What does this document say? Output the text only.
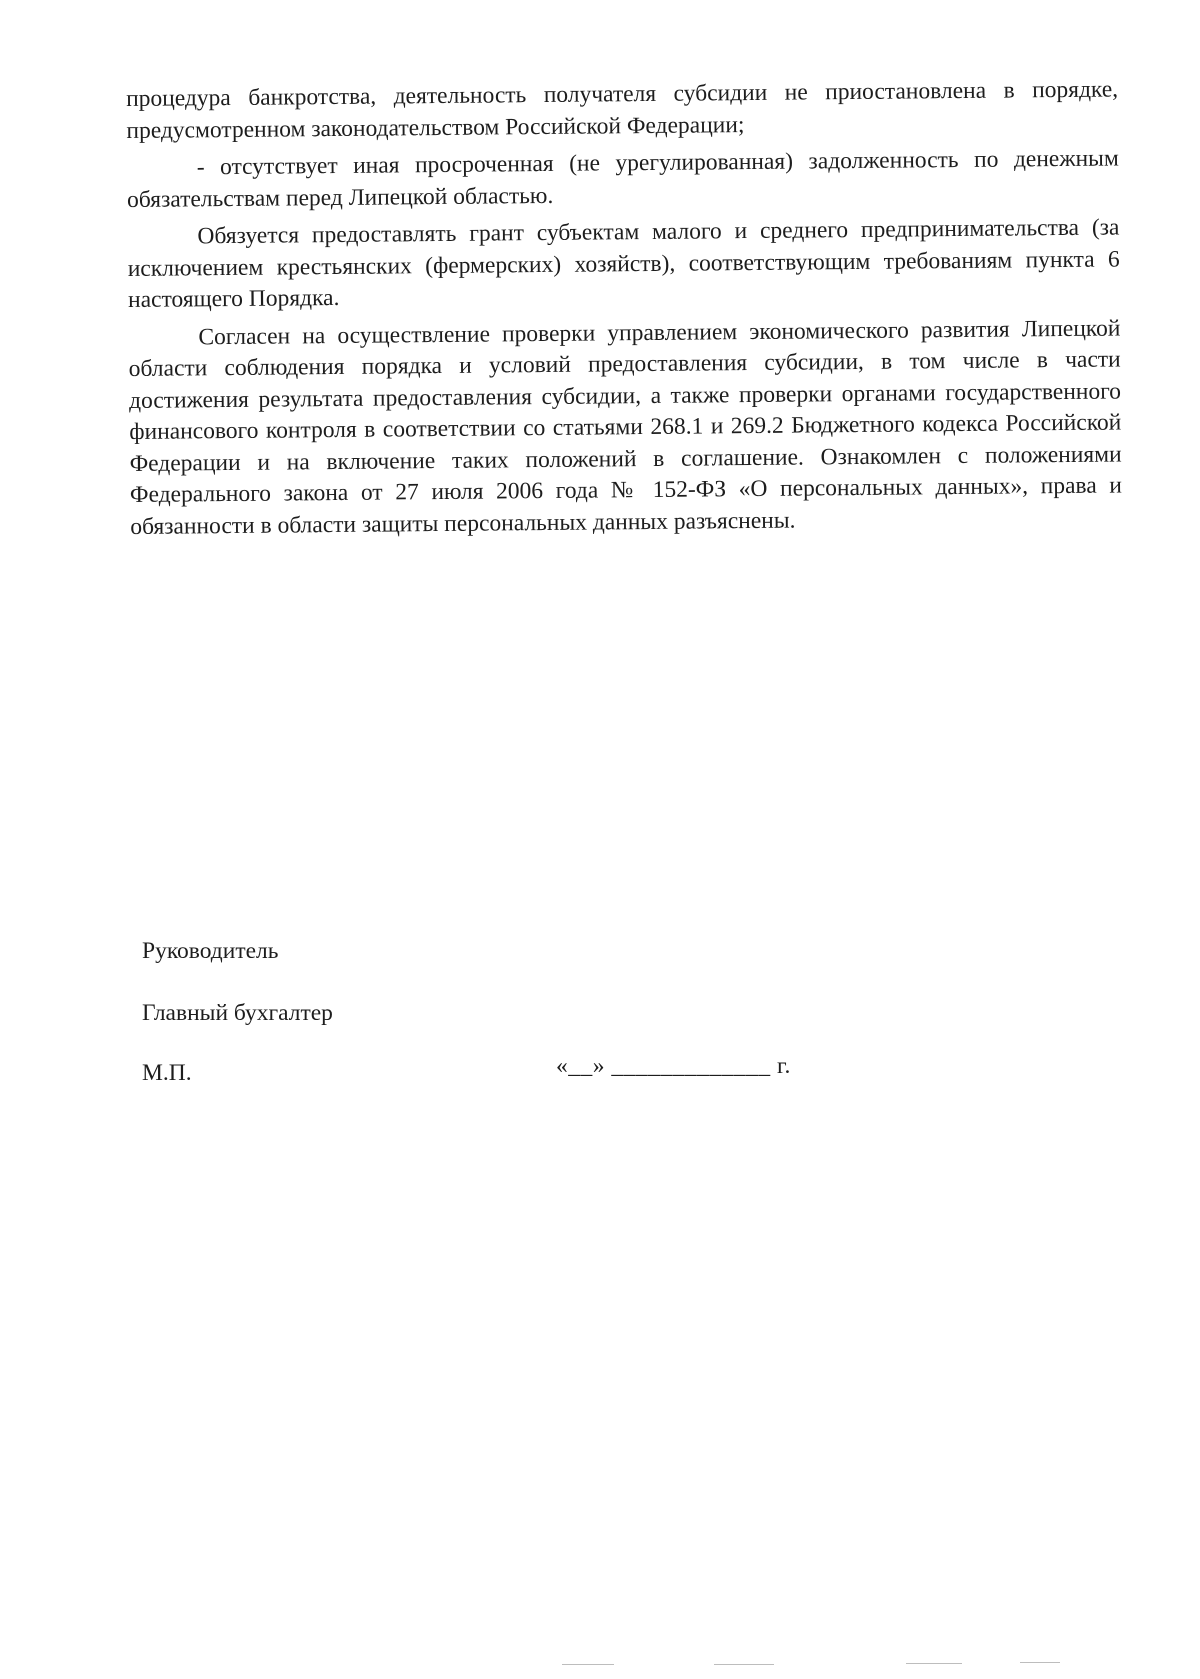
процедура банкротства, деятельность получателя субсидии не приостановлена в порядке, предусмотренном законодательством Российской Федерации;

- отсутствует иная просроченная (не урегулированная) задолженность по денежным обязательствам перед Липецкой областью.

Обязуется предоставлять грант субъектам малого и среднего предпринимательства (за исключением крестьянских (фермерских) хозяйств), соответствующим требованиям пункта 6 настоящего Порядка.

Согласен на осуществление проверки управлением экономического развития Липецкой области соблюдения порядка и условий предоставления субсидии, в том числе в части достижения результата предоставления субсидии, а также проверки органами государственного финансового контроля в соответствии со статьями 268.1 и 269.2 Бюджетного кодекса Российской Федерации и на включение таких положений в соглашение. Ознакомлен с положениями Федерального закона от 27 июля 2006 года № 152-ФЗ «О персональных данных», права и обязанности в области защиты персональных данных разъяснены.

Руководитель
Главный бухгалтер
М.П.	«__» _____________ г.
